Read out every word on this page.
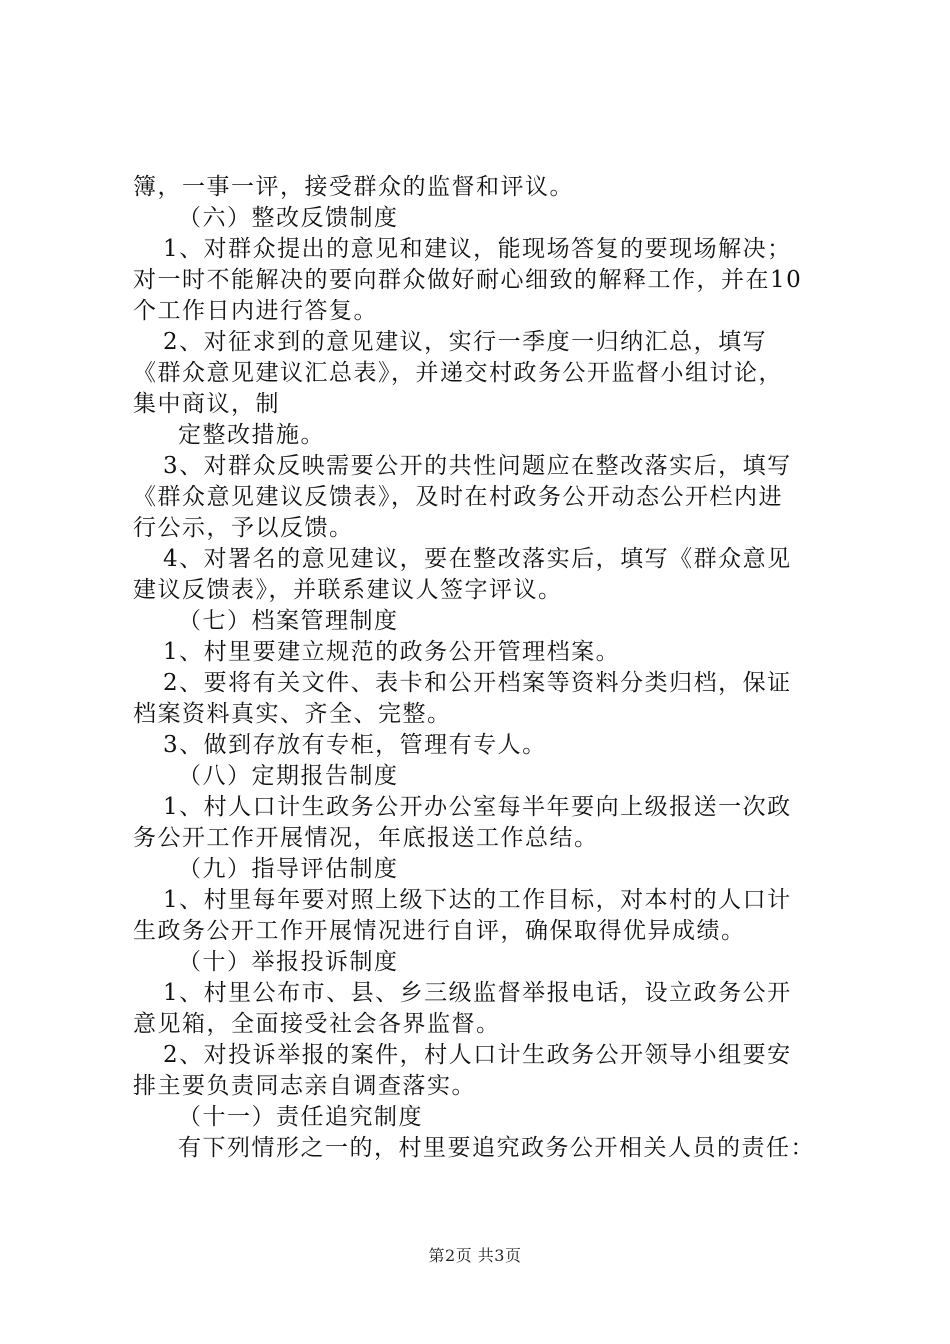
簿，一事一评，接受群众的监督和评议。

（六）整改反馈制度

1、对群众提出的意见和建议，能现场答复的要现场解决；

对一时不能解决的要向群众做好耐心细致的解释工作，并在10

个工作日内进行答复。

2、对征求到的意见建议，实行一季度一归纳汇总，填写

《群众意见建议汇总表》，并递交村政务公开监督小组讨论，

集中商议，制

定整改措施。

3、对群众反映需要公开的共性问题应在整改落实后，填写

《群众意见建议反馈表》，及时在村政务公开动态公开栏内进

行公示，予以反馈。

4、对署名的意见建议，要在整改落实后，填写《群众意见

建议反馈表》，并联系建议人签字评议。

（七）档案管理制度

1、村里要建立规范的政务公开管理档案。

2、要将有关文件、表卡和公开档案等资料分类归档，保证

档案资料真实、齐全、完整。

3、做到存放有专柜，管理有专人。

（八）定期报告制度

1、村人口计生政务公开办公室每半年要向上级报送一次政

务公开工作开展情况，年底报送工作总结。

（九）指导评估制度

1、村里每年要对照上级下达的工作目标，对本村的人口计

生政务公开工作开展情况进行自评，确保取得优异成绩。

（十）举报投诉制度

1、村里公布市、县、乡三级监督举报电话，设立政务公开

意见箱，全面接受社会各界监督。

2、对投诉举报的案件，村人口计生政务公开领导小组要安

排主要负责同志亲自调查落实。

（十一）责任追究制度

有下列情形之一的，村里要追究政务公开相关人员的责任：

第2页 共3页
